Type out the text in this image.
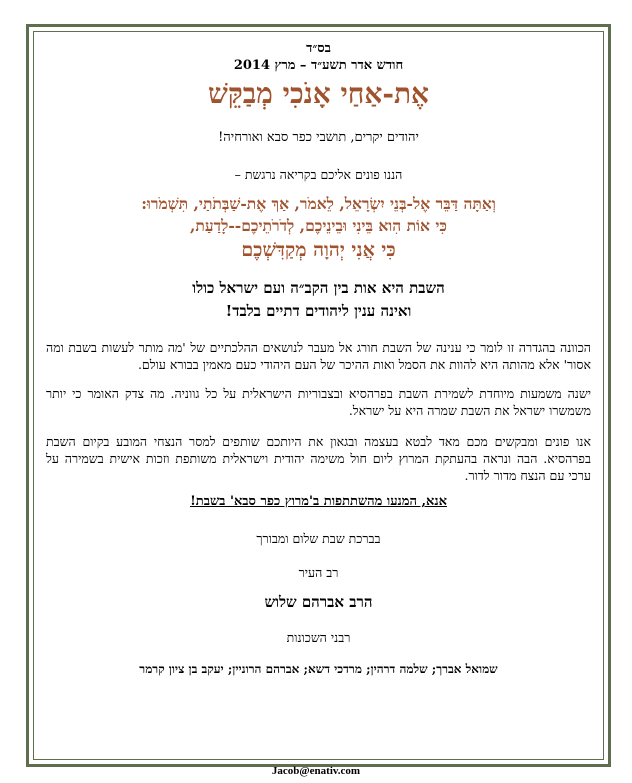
בס״ד

חודש אדר תשע״ד – מרץ 2014

אֶת-אַחַי אָנֹכִי מְבַקֵּשׁ

יהודים יקרים, תושבי כפר סבא ואורחיה!

הננו פונים אליכם בקריאה נרגשת –

וְאַתָּה דַּבֵּר אֶל-בְּנֵי יִשְׂרָאֵל, לֵאמֹר, אַךְ אֶת-שַׁבְּתֹתַי, תִּשְׁמֹרוּ:

כִּי אוֹת הִוא בֵּינִי וּבֵינֵיכֶם, לְדֹרֹתֵיכֶם--לָדַעַת,

כִּי אֲנִי יְהוָה מְקַדִּשְׁכֶם

השבת היא אות בין הקב״ה ועם ישראל כולו

ואינה ענין ליהודים דתיים בלבד!

הכוונה בהגדרה זו לומר כי ענינה של השבת חורג אל מעבר לנושאים ההלכתיים של 'מה מותר לעשות בשבת ומה אסור' אלא מהותה היא להוות את הסמל ואות ההיכר של העם היהודי כעם מאמין בבורא עולם.

ישנה משמעות מיוחדת לשמירת השבת בפרהסיא ובצבוריות הישראלית על כל גווניה. מה צדק האומר כי יותר משמשרו ישראל את השבת שמרה היא על ישראל.

אנו פונים ומבקשים מכם מאד לבטא בעצמה ובגאון את היותכם שותפים למסר הנצחי המובע בקיום השבת בפרהסיא. הבה ונראה בהעתקת המרוץ ליום חול משימה יהודית וישראלית משותפת וזכות אישית בשמירה על ערכי עם הנצח מדור לדור.

אנא, המנעו מהשתתפות ב'מרוץ כפר סבא' בשבת!

בברכת שבת שלום ומבורך

רב העיר

הרב אברהם שלוש

רבני השכונות

שמואל אברך; שלמה דרהין; מרדכי דשא; אברהם הרוניין; יעקב בן ציון קרמר

Jacob@enativ.com
